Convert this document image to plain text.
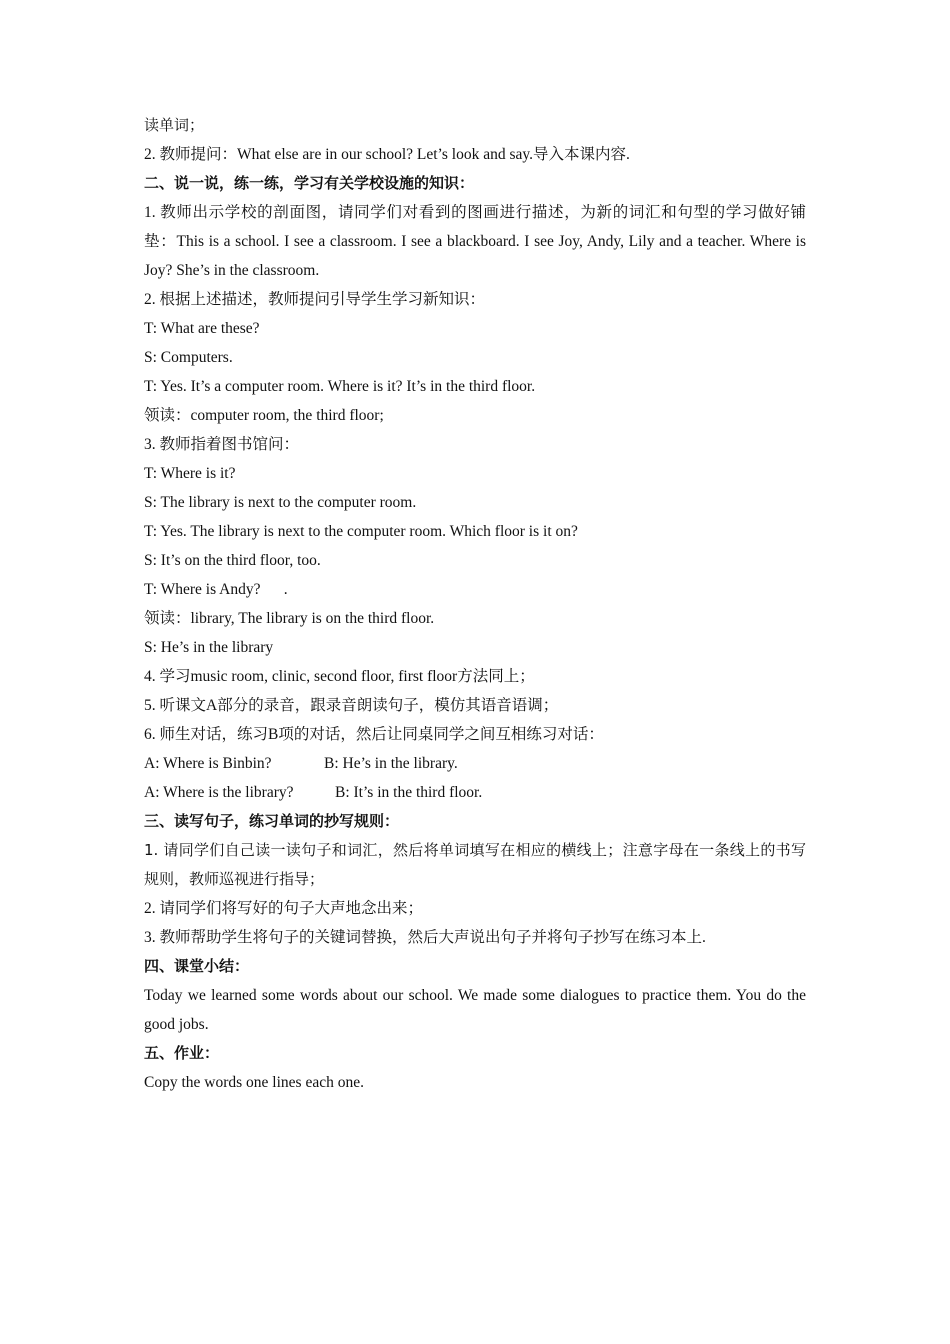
读单词；
2. 教师提问：What else are in our school? Let’s look and say.导入本课内容.
二、说一说，练一练，学习有关学校设施的知识：
1. 教师出示学校的剖面图，请同学们对看到的图画进行描述，为新的词汇和句型的学习做好铺垫：This is a school. I see a classroom. I see a blackboard. I see Joy, Andy, Lily and a teacher. Where is Joy? She’s in the classroom.
2. 根据上述描述，教师提问引导学生学习新知识：
T: What are these?
S: Computers.
T: Yes. It’s a computer room. Where is it? It’s in the third floor.
领读：computer room, the third floor;
3. 教师指着图书馆问：
T: Where is it?
S: The library is next to the computer room.
T: Yes. The library is next to the computer room. Which floor is it on?
S: It’s on the third floor, too.
T: Where is Andy?      .
领读：library, The library is on the third floor.
S: He’s in the library
4. 学习music room, clinic, second floor, first floor方法同上；
5. 听课文A部分的录音，跟录音朗读句子，模仿其语音语调；
6. 师生对话，练习B项的对话，然后让同桌同学之间互相练习对话：
A: Where is Binbin?	B: He’s in the library.
A: Where is the library?	B: It’s in the third floor.
三、读写句子，练习单词的抄写规则：
1. 请同学们自己读一读句子和词汇，然后将单词填写在相应的横线上；注意字母在一条线上的书写规则，教师巡视进行指导；
2. 请同学们将写好的句子大声地念出来；
3. 教师帮助学生将句子的关键词替换，然后大声说出句子并将句子抄写在练习本上.
四、课堂小结：
Today we learned some words about our school. We made some dialogues to practice them. You do the good jobs.
五、作业：
Copy the words one lines each one.
